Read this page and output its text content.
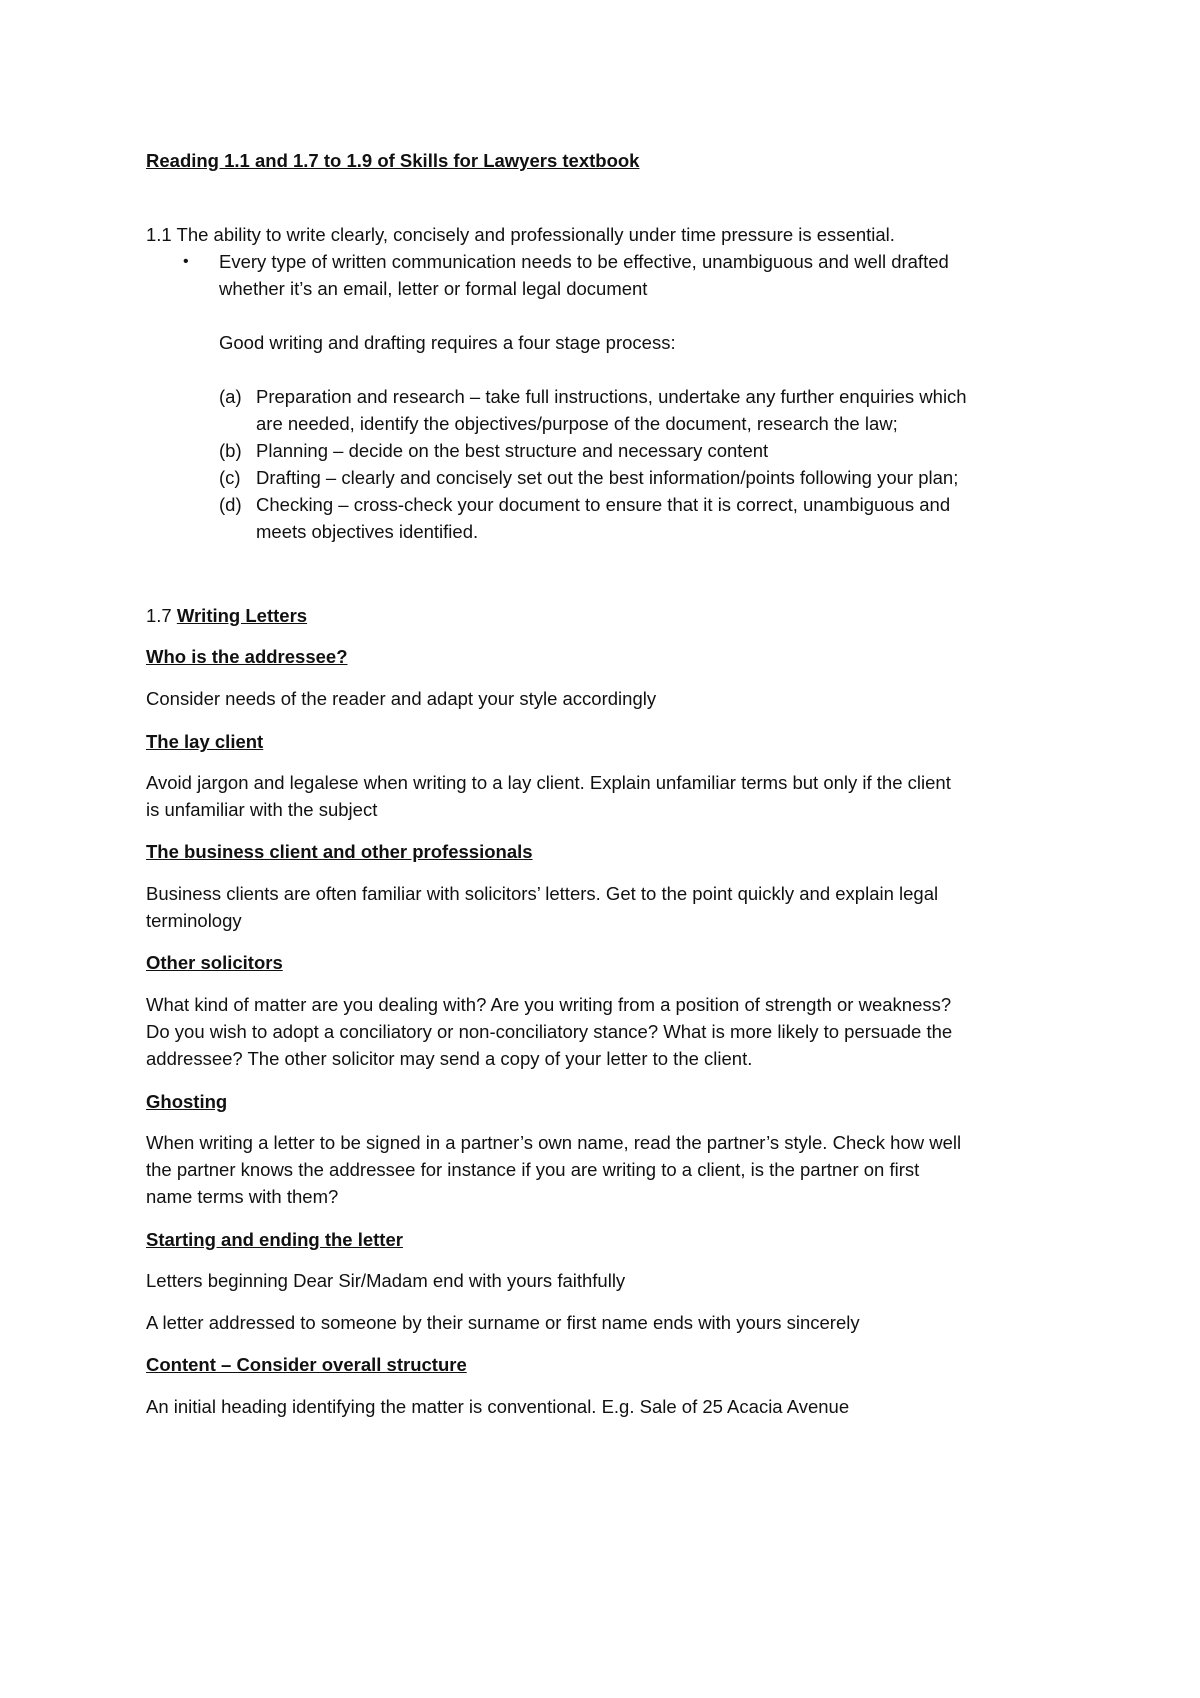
Reading 1.1 and 1.7 to 1.9 of Skills for Lawyers textbook
1.1 The ability to write clearly, concisely and professionally under time pressure is essential.
• Every type of written communication needs to be effective, unambiguous and well drafted
whether it’s an email, letter or formal legal document
Good writing and drafting requires a four stage process:
(a) Preparation and research – take full instructions, undertake any further enquiries which
are needed, identify the objectives/purpose of the document, research the law;
(b) Planning – decide on the best structure and necessary content
(c) Drafting – clearly and concisely set out the best information/points following your plan;
(d) Checking – cross-check your document to ensure that it is correct, unambiguous and
meets objectives identified.
1.7 Writing Letters
Who is the addressee?
Consider needs of the reader and adapt your style accordingly
The lay client
Avoid jargon and legalese when writing to a lay client. Explain unfamiliar terms but only if the client
is unfamiliar with the subject
The business client and other professionals
Business clients are often familiar with solicitors’ letters. Get to the point quickly and explain legal
terminology
Other solicitors
What kind of matter are you dealing with? Are you writing from a position of strength or weakness?
Do you wish to adopt a conciliatory or non-conciliatory stance? What is more likely to persuade the
addressee? The other solicitor may send a copy of your letter to the client.
Ghosting
When writing a letter to be signed in a partner’s own name, read the partner’s style. Check how well
the partner knows the addressee for instance if you are writing to a client, is the partner on first
name terms with them?
Starting and ending the letter
Letters beginning Dear Sir/Madam end with yours faithfully
A letter addressed to someone by their surname or first name ends with yours sincerely
Content – Consider overall structure
An initial heading identifying the matter is conventional. E.g. Sale of 25 Acacia Avenue
